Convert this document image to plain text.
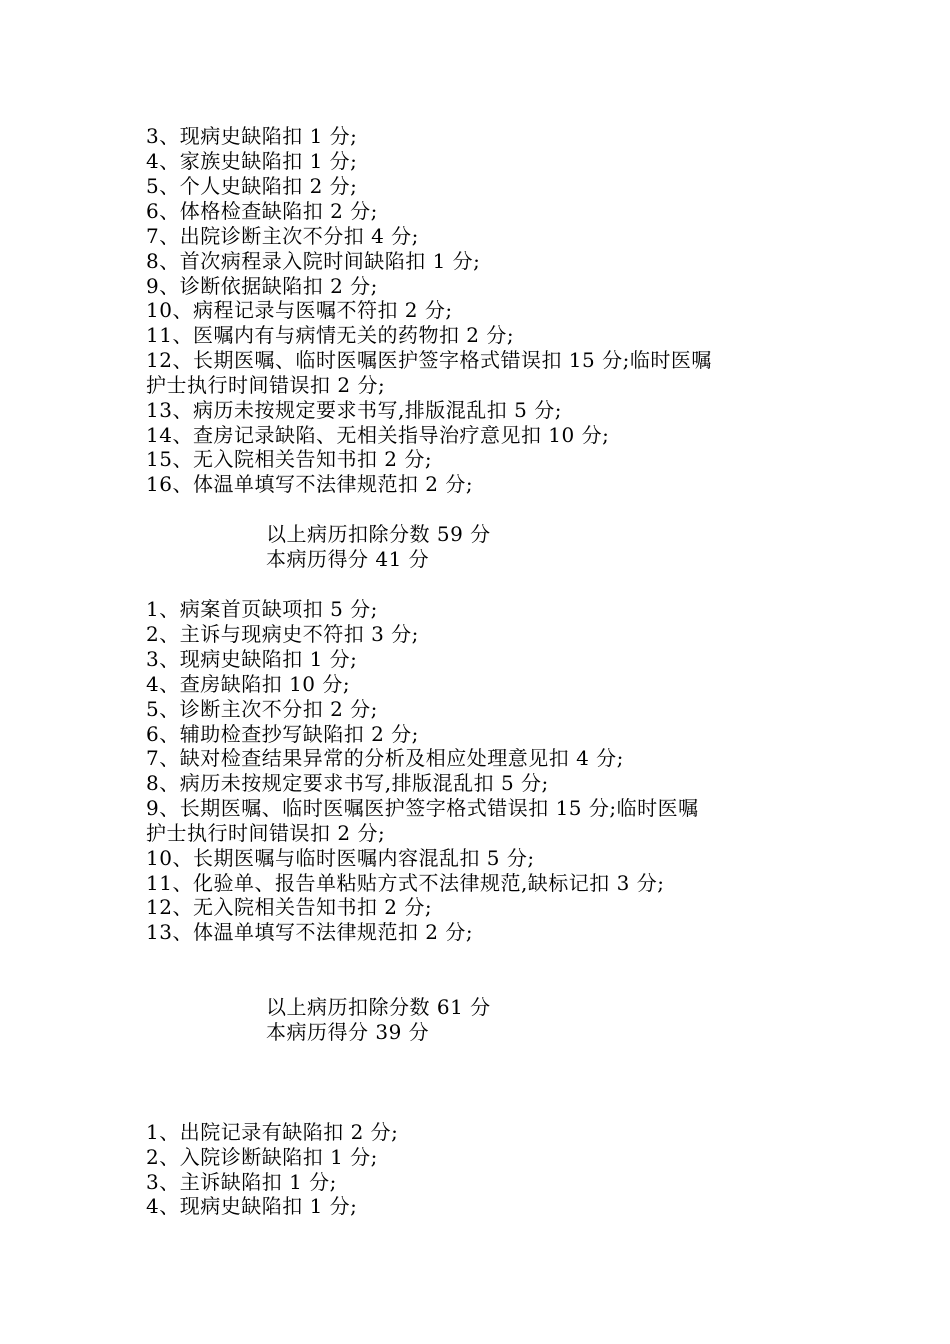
3、现病史缺陷扣 1 分;
4、家族史缺陷扣 1 分;
5、个人史缺陷扣 2 分;
6、体格检查缺陷扣 2 分;
7、出院诊断主次不分扣 4 分;
8、首次病程录入院时间缺陷扣 1 分;
9、诊断依据缺陷扣 2 分;
10、病程记录与医嘱不符扣 2 分;
11、医嘱内有与病情无关的药物扣 2 分;
12、长期医嘱、临时医嘱医护签字格式错误扣 15 分;临时医嘱
护士执行时间错误扣 2 分;
13、病历未按规定要求书写,排版混乱扣 5 分;
14、查房记录缺陷、无相关指导治疗意见扣 10 分;
15、无入院相关告知书扣 2 分;
16、体温单填写不法律规范扣 2 分;
以上病历扣除分数 59 分
本病历得分 41 分
1、病案首页缺项扣 5 分;
2、主诉与现病史不符扣 3 分;
3、现病史缺陷扣 1 分;
4、查房缺陷扣 10 分;
5、诊断主次不分扣 2 分;
6、辅助检查抄写缺陷扣 2 分;
7、缺对检查结果异常的分析及相应处理意见扣 4 分;
8、病历未按规定要求书写,排版混乱扣 5 分;
9、长期医嘱、临时医嘱医护签字格式错误扣 15 分;临时医嘱
护士执行时间错误扣 2 分;
10、长期医嘱与临时医嘱内容混乱扣 5 分;
11、化验单、报告单粘贴方式不法律规范,缺标记扣 3 分;
12、无入院相关告知书扣 2 分;
13、体温单填写不法律规范扣 2 分;
以上病历扣除分数 61 分
本病历得分 39 分
1、出院记录有缺陷扣 2 分;
2、入院诊断缺陷扣 1 分;
3、主诉缺陷扣 1 分;
4、现病史缺陷扣 1 分;
